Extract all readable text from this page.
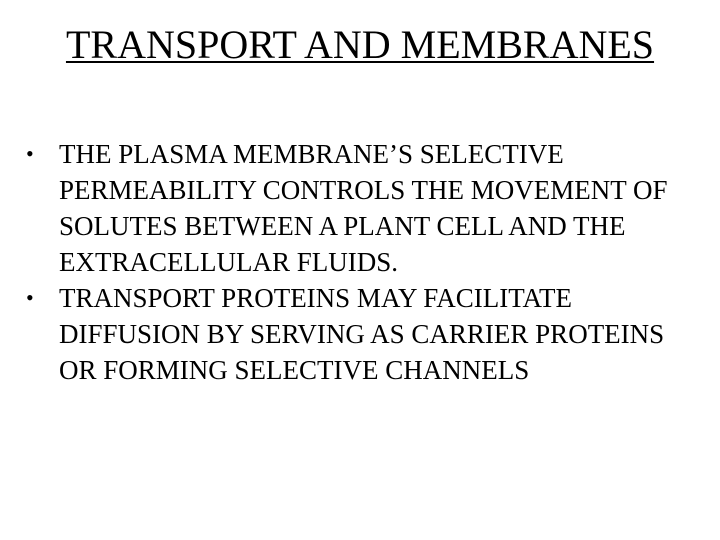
TRANSPORT AND MEMBRANES
• THE PLASMA MEMBRANE’S SELECTIVE PERMEABILITY CONTROLS THE MOVEMENT OF SOLUTES BETWEEN A PLANT CELL AND THE EXTRACELLULAR FLUIDS.
• TRANSPORT PROTEINS MAY FACILITATE DIFFUSION BY SERVING AS CARRIER PROTEINS OR FORMING SELECTIVE CHANNELS
